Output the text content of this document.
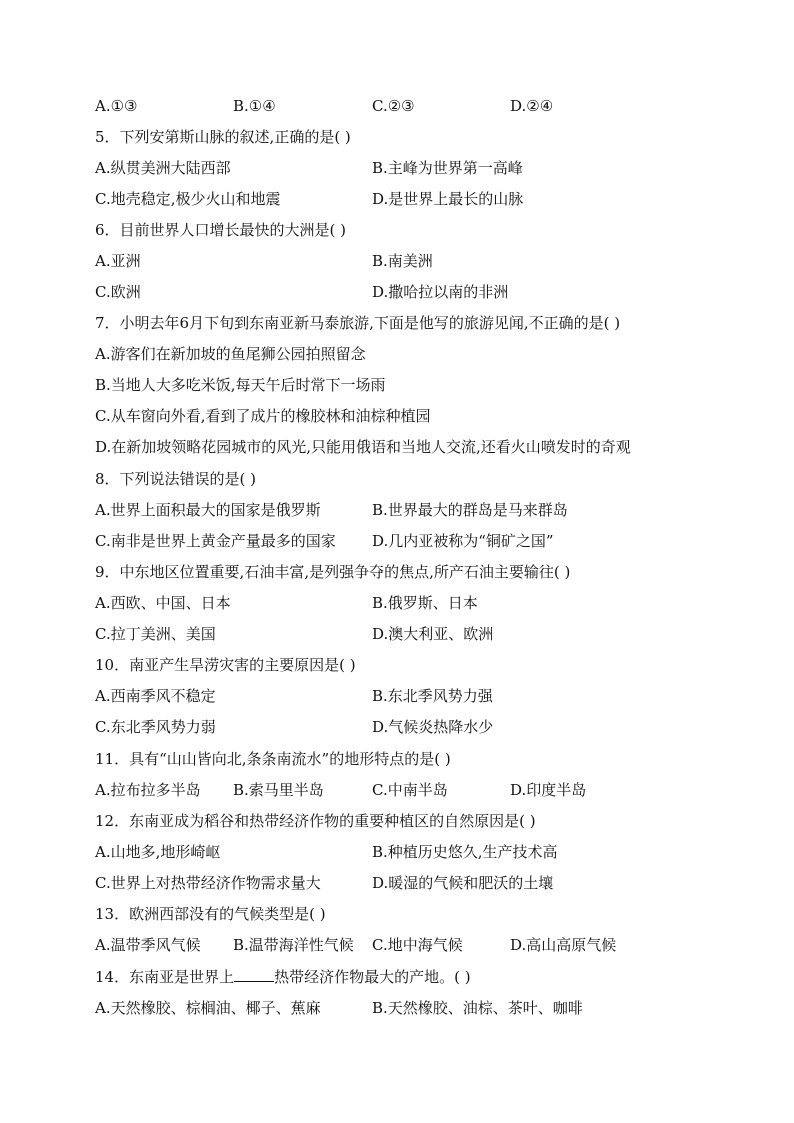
A.①③	B.①④	C.②③	D.②④
5．下列安第斯山脉的叙述,正确的是( )
A.纵贯美洲大陆西部	B.主峰为世界第一高峰
C.地壳稳定,极少火山和地震	D.是世界上最长的山脉
6．目前世界人口增长最快的大洲是( )
A.亚洲	B.南美洲
C.欧洲	D.撒哈拉以南的非洲
7．小明去年6月下旬到东南亚新马泰旅游,下面是他写的旅游见闻,不正确的是( )
A.游客们在新加坡的鱼尾狮公园拍照留念
B.当地人大多吃米饭,每天午后时常下一场雨
C.从车窗向外看,看到了成片的橡胶林和油棕种植园
D.在新加坡领略花园城市的风光,只能用俄语和当地人交流,还看火山喷发时的奇观
8．下列说法错误的是( )
A.世界上面积最大的国家是俄罗斯	B.世界最大的群岛是马来群岛
C.南非是世界上黄金产量最多的国家 D.几内亚被称为“铜矿之国”
9．中东地区位置重要,石油丰富,是列强争夺的焦点,所产石油主要输往( )
A.西欧、中国、日本	B.俄罗斯、日本
C.拉丁美洲、美国	D.澳大利亚、欧洲
10．南亚产生旱涝灾害的主要原因是( )
A.西南季风不稳定	B.东北季风势力强
C.东北季风势力弱	D.气候炎热降水少
11．具有“山山皆向北,条条南流水”的地形特点的是( )
A.拉布拉多半岛 B.索马里半岛	C.中南半岛	D.印度半岛
12．东南亚成为稻谷和热带经济作物的重要种植区的自然原因是( )
A.山地多,地形崎岖	B.种植历史悠久,生产技术高
C.世界上对热带经济作物需求量大	D.暖湿的气候和肥沃的土壤
13．欧洲西部没有的气候类型是( )
A.温带季风气候 B.温带海洋性气候 C.地中海气候	D.高山高原气候
14．东南亚是世界上	热带经济作物最大的产地。( )
A.天然橡胶、棕榈油、椰子、蕉麻	B.天然橡胶、油棕、茶叶、咖啡
